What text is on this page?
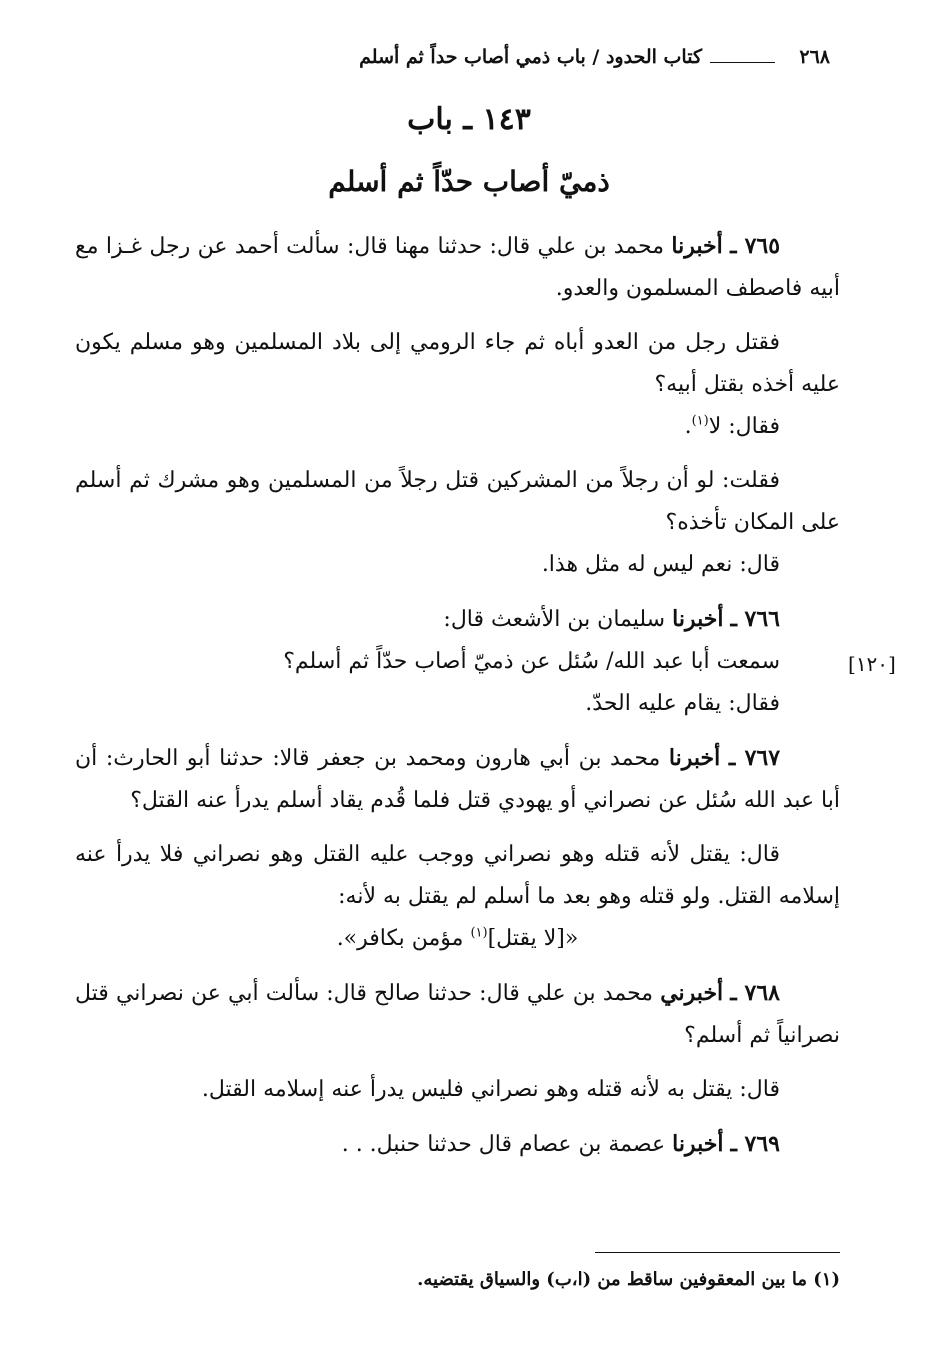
٢٦٨
كتاب الحدود / باب ذمي أصاب حداً ثم أسلم
١٤٣ ـ باب
ذميّ أصاب حدّاً ثم أسلم
[١٢٠]

٧٦٥ ـ أخبرنا محمد بن علي قال: حدثنا مهنا قال: سألت أحمد عن رجل غـزا مع أبيه فاصطف المسلمون والعدو.

فقتل رجل من العدو أباه ثم جاء الرومي إلى بلاد المسلمين وهو مسلم يكون عليه أخذه بقتل أبيه؟

فقال: لا$^{(١)}$.

فقلت: لو أن رجلاً من المشركين قتل رجلاً من المسلمين وهو مشرك ثم أسلم على المكان تأخذه؟

قال: نعم ليس له مثل هذا.

٧٦٦ ـ أخبرنا سليمان بن الأشعث قال:

سمعت أبا عبد الله/ سُئل عن ذميّ أصاب حدّاً ثم أسلم؟

فقال: يقام عليه الحدّ.

٧٦٧ ـ أخبرنا محمد بن أبي هارون ومحمد بن جعفر قالا: حدثنا أبو الحارث: أن أبا عبد الله سُئل عن نصراني أو يهودي قتل فلما قُدم يقاد أسلم يدرأ عنه القتل؟

قال: يقتل لأنه قتله وهو نصراني ووجب عليه القتل وهو نصراني فلا يدرأ عنه إسلامه القتل. ولو قتله وهو بعد ما أسلم لم يقتل به لأنه:

«[لا يقتل]$^{(١)}$ مؤمن بكافر».

٧٦٨ ـ أخبرني محمد بن علي قال: حدثنا صالح قال: سألت أبي عن نصراني قتل نصرانياً ثم أسلم؟

قال: يقتل به لأنه قتله وهو نصراني فليس يدرأ عنه إسلامه القتل.

٧٦٩ ـ أخبرنا عصمة بن عصام قال حدثنا حنبل. . .

(١) ما بين المعقوفين ساقط من (ا،ب) والسياق يقتضيه.
